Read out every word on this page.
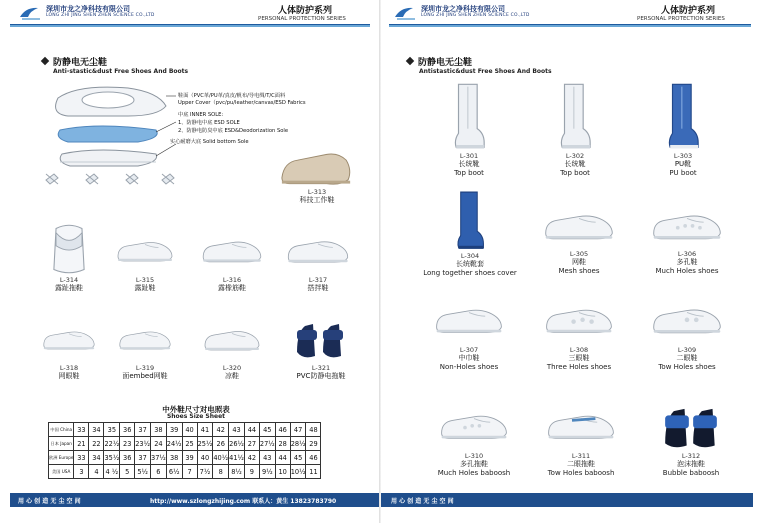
深圳市龙之净科技有限公司
LONG ZHI JING SHEN ZHEN SCIENCE CO.,LTD	人体防护系列
PERSONAL PROTECTION SERIES
防静电无尘鞋
Anti-stastic&dust Free Shoes And Boots
鞋面（PVC革/PU革/真皮/帆布/导电绸/T/C面料
Upper Cover（pvc/pu/leather/canvas/ESD Fabrics
中底 INNER SOLE:
1、防静电中底 ESD SOLE
2、防静电防臭中底 ESD&Deodorization Sole
实心耐磨大底 Solid bottom Sole
L-313
科技工作鞋
L-314
露趾拖鞋
L-315
露趾鞋
L-316
露橡筋鞋
L-317
搭拌鞋
L-318
网眼鞋
L-319
面embed网鞋
L-320
凉鞋
L-321
PVC防静电拖鞋
中外鞋尺寸对电照表
Shoes Size Sheet
中国 China	33	34	35	36	37	38	39	40	41	42	43	44	45	46	47	48
日本 Japan	21	22	22½	23	23½	24	24½	25	25½	26	26½	27	27½	28	28½	29
欧洲 Europe	33	34	35½	36	37	37½	38	39	40	40½	41½	42	43	44	45	46
美国 USA	3	4	4 ½	5	5½	6	6½	7	7½	8	8½	9	9½	10	10½	11
用 心 创 造 无 尘 空 间	http://www.szlongzhijing.com 联系人：黄生 13823783790
深圳市龙之净科技有限公司
LONG ZHI JING SHEN ZHEN SCIENCE CO.,LTD	人体防护系列
PERSONAL PROTECTION SERIES
防静电无尘鞋
Antistastic&dust Free Shoes And Boots
L-301
长统靴
Top boot
L-302
长统靴
Top boot
L-303
PU靴
PU boot
L-304
长统靴套
Long together shoes cover
L-305
网鞋
Mesh shoes
L-306
多孔鞋
Much Holes shoes
L-307
中巾鞋
Non-Holes shoes
L-308
三眼鞋
Three Holes shoes
L-309
二眼鞋
Tow Holes shoes
L-310
多孔拖鞋
Much Holes baboosh
L-311
二眼拖鞋
Tow Holes baboosh
L-312
泡沫拖鞋
Bubble baboosh
用 心 创 造 无 尘 空 间
